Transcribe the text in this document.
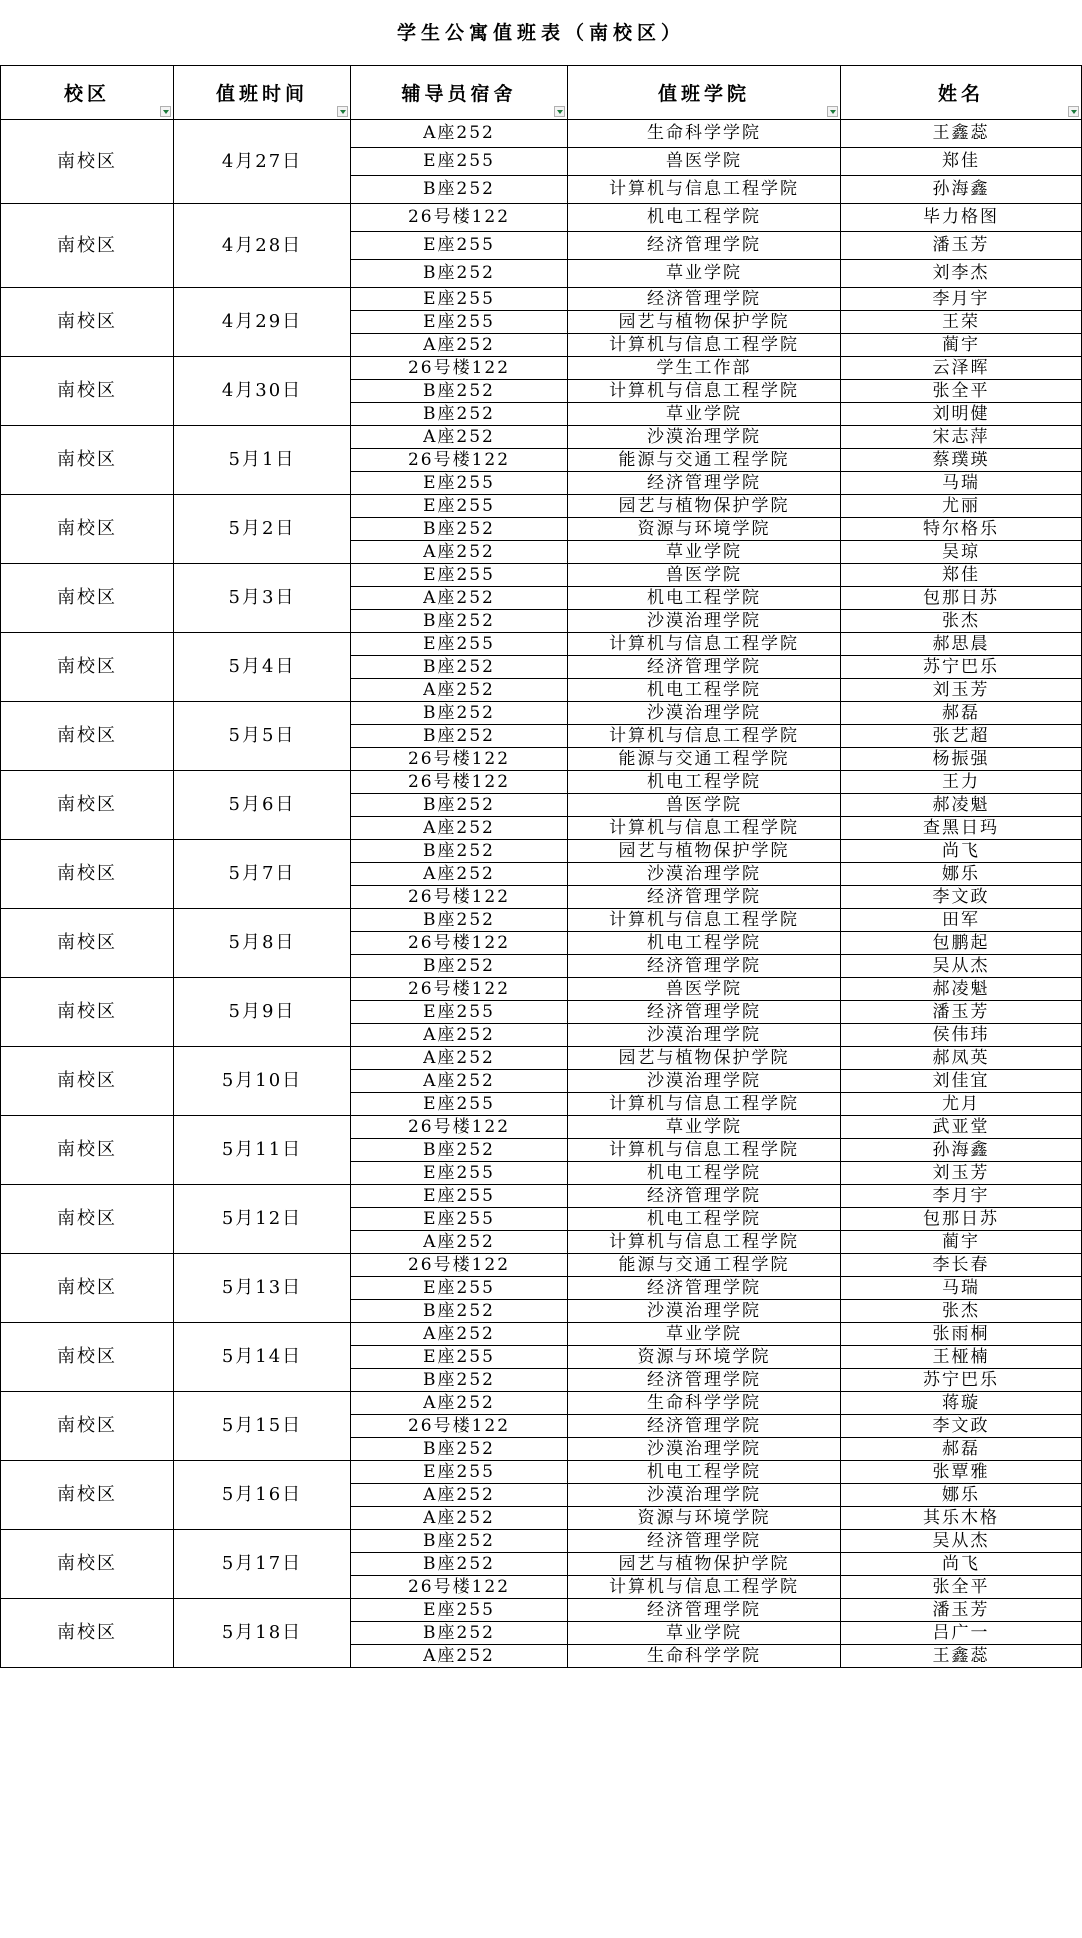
学生公寓值班表（南校区）
校区	值班时间	辅导员宿舍	值班学院	姓名

南校区	4月27日	A座252	生命科学学院	王鑫蕊
		E座255	兽医学院	郑佳
		B座252	计算机与信息工程学院	孙海鑫
南校区	4月28日	26号楼122	机电工程学院	毕力格图
		E座255	经济管理学院	潘玉芳
		B座252	草业学院	刘李杰
南校区	4月29日	E座255	经济管理学院	李月宇
		E座255	园艺与植物保护学院	王荣
		A座252	计算机与信息工程学院	蔺宇
南校区	4月30日	26号楼122	学生工作部	云泽晖
		B座252	计算机与信息工程学院	张全平
		B座252	草业学院	刘明健
南校区	5月1日	A座252	沙漠治理学院	宋志萍
		26号楼122	能源与交通工程学院	蔡璞瑛
		E座255	经济管理学院	马瑞
南校区	5月2日	E座255	园艺与植物保护学院	尤丽
		B座252	资源与环境学院	特尔格乐
		A座252	草业学院	吴琼
南校区	5月3日	E座255	兽医学院	郑佳
		A座252	机电工程学院	包那日苏
		B座252	沙漠治理学院	张杰
南校区	5月4日	E座255	计算机与信息工程学院	郝思晨
		B座252	经济管理学院	苏宁巴乐
		A座252	机电工程学院	刘玉芳
南校区	5月5日	B座252	沙漠治理学院	郝磊
		B座252	计算机与信息工程学院	张艺超
		26号楼122	能源与交通工程学院	杨振强
南校区	5月6日	26号楼122	机电工程学院	王力
		B座252	兽医学院	郝凌魁
		A座252	计算机与信息工程学院	查黑日玛
南校区	5月7日	B座252	园艺与植物保护学院	尚飞
		A座252	沙漠治理学院	娜乐
		26号楼122	经济管理学院	李文政
南校区	5月8日	B座252	计算机与信息工程学院	田军
		26号楼122	机电工程学院	包鹏起
		B座252	经济管理学院	吴从杰
南校区	5月9日	26号楼122	兽医学院	郝凌魁
		E座255	经济管理学院	潘玉芳
		A座252	沙漠治理学院	侯伟玮
南校区	5月10日	A座252	园艺与植物保护学院	郝凤英
		A座252	沙漠治理学院	刘佳宜
		E座255	计算机与信息工程学院	尤月
南校区	5月11日	26号楼122	草业学院	武亚堂
		B座252	计算机与信息工程学院	孙海鑫
		E座255	机电工程学院	刘玉芳
南校区	5月12日	E座255	经济管理学院	李月宇
		E座255	机电工程学院	包那日苏
		A座252	计算机与信息工程学院	蔺宇
南校区	5月13日	26号楼122	能源与交通工程学院	李长春
		E座255	经济管理学院	马瑞
		B座252	沙漠治理学院	张杰
南校区	5月14日	A座252	草业学院	张雨桐
		E座255	资源与环境学院	王桠楠
		B座252	经济管理学院	苏宁巴乐
南校区	5月15日	A座252	生命科学学院	蒋璇
		26号楼122	经济管理学院	李文政
		B座252	沙漠治理学院	郝磊
南校区	5月16日	E座255	机电工程学院	张覃雅
		A座252	沙漠治理学院	娜乐
		A座252	资源与环境学院	其乐木格
南校区	5月17日	B座252	经济管理学院	吴从杰
		B座252	园艺与植物保护学院	尚飞
		26号楼122	计算机与信息工程学院	张全平
南校区	5月18日	E座255	经济管理学院	潘玉芳
		B座252	草业学院	吕广一
		A座252	生命科学学院	王鑫蕊
